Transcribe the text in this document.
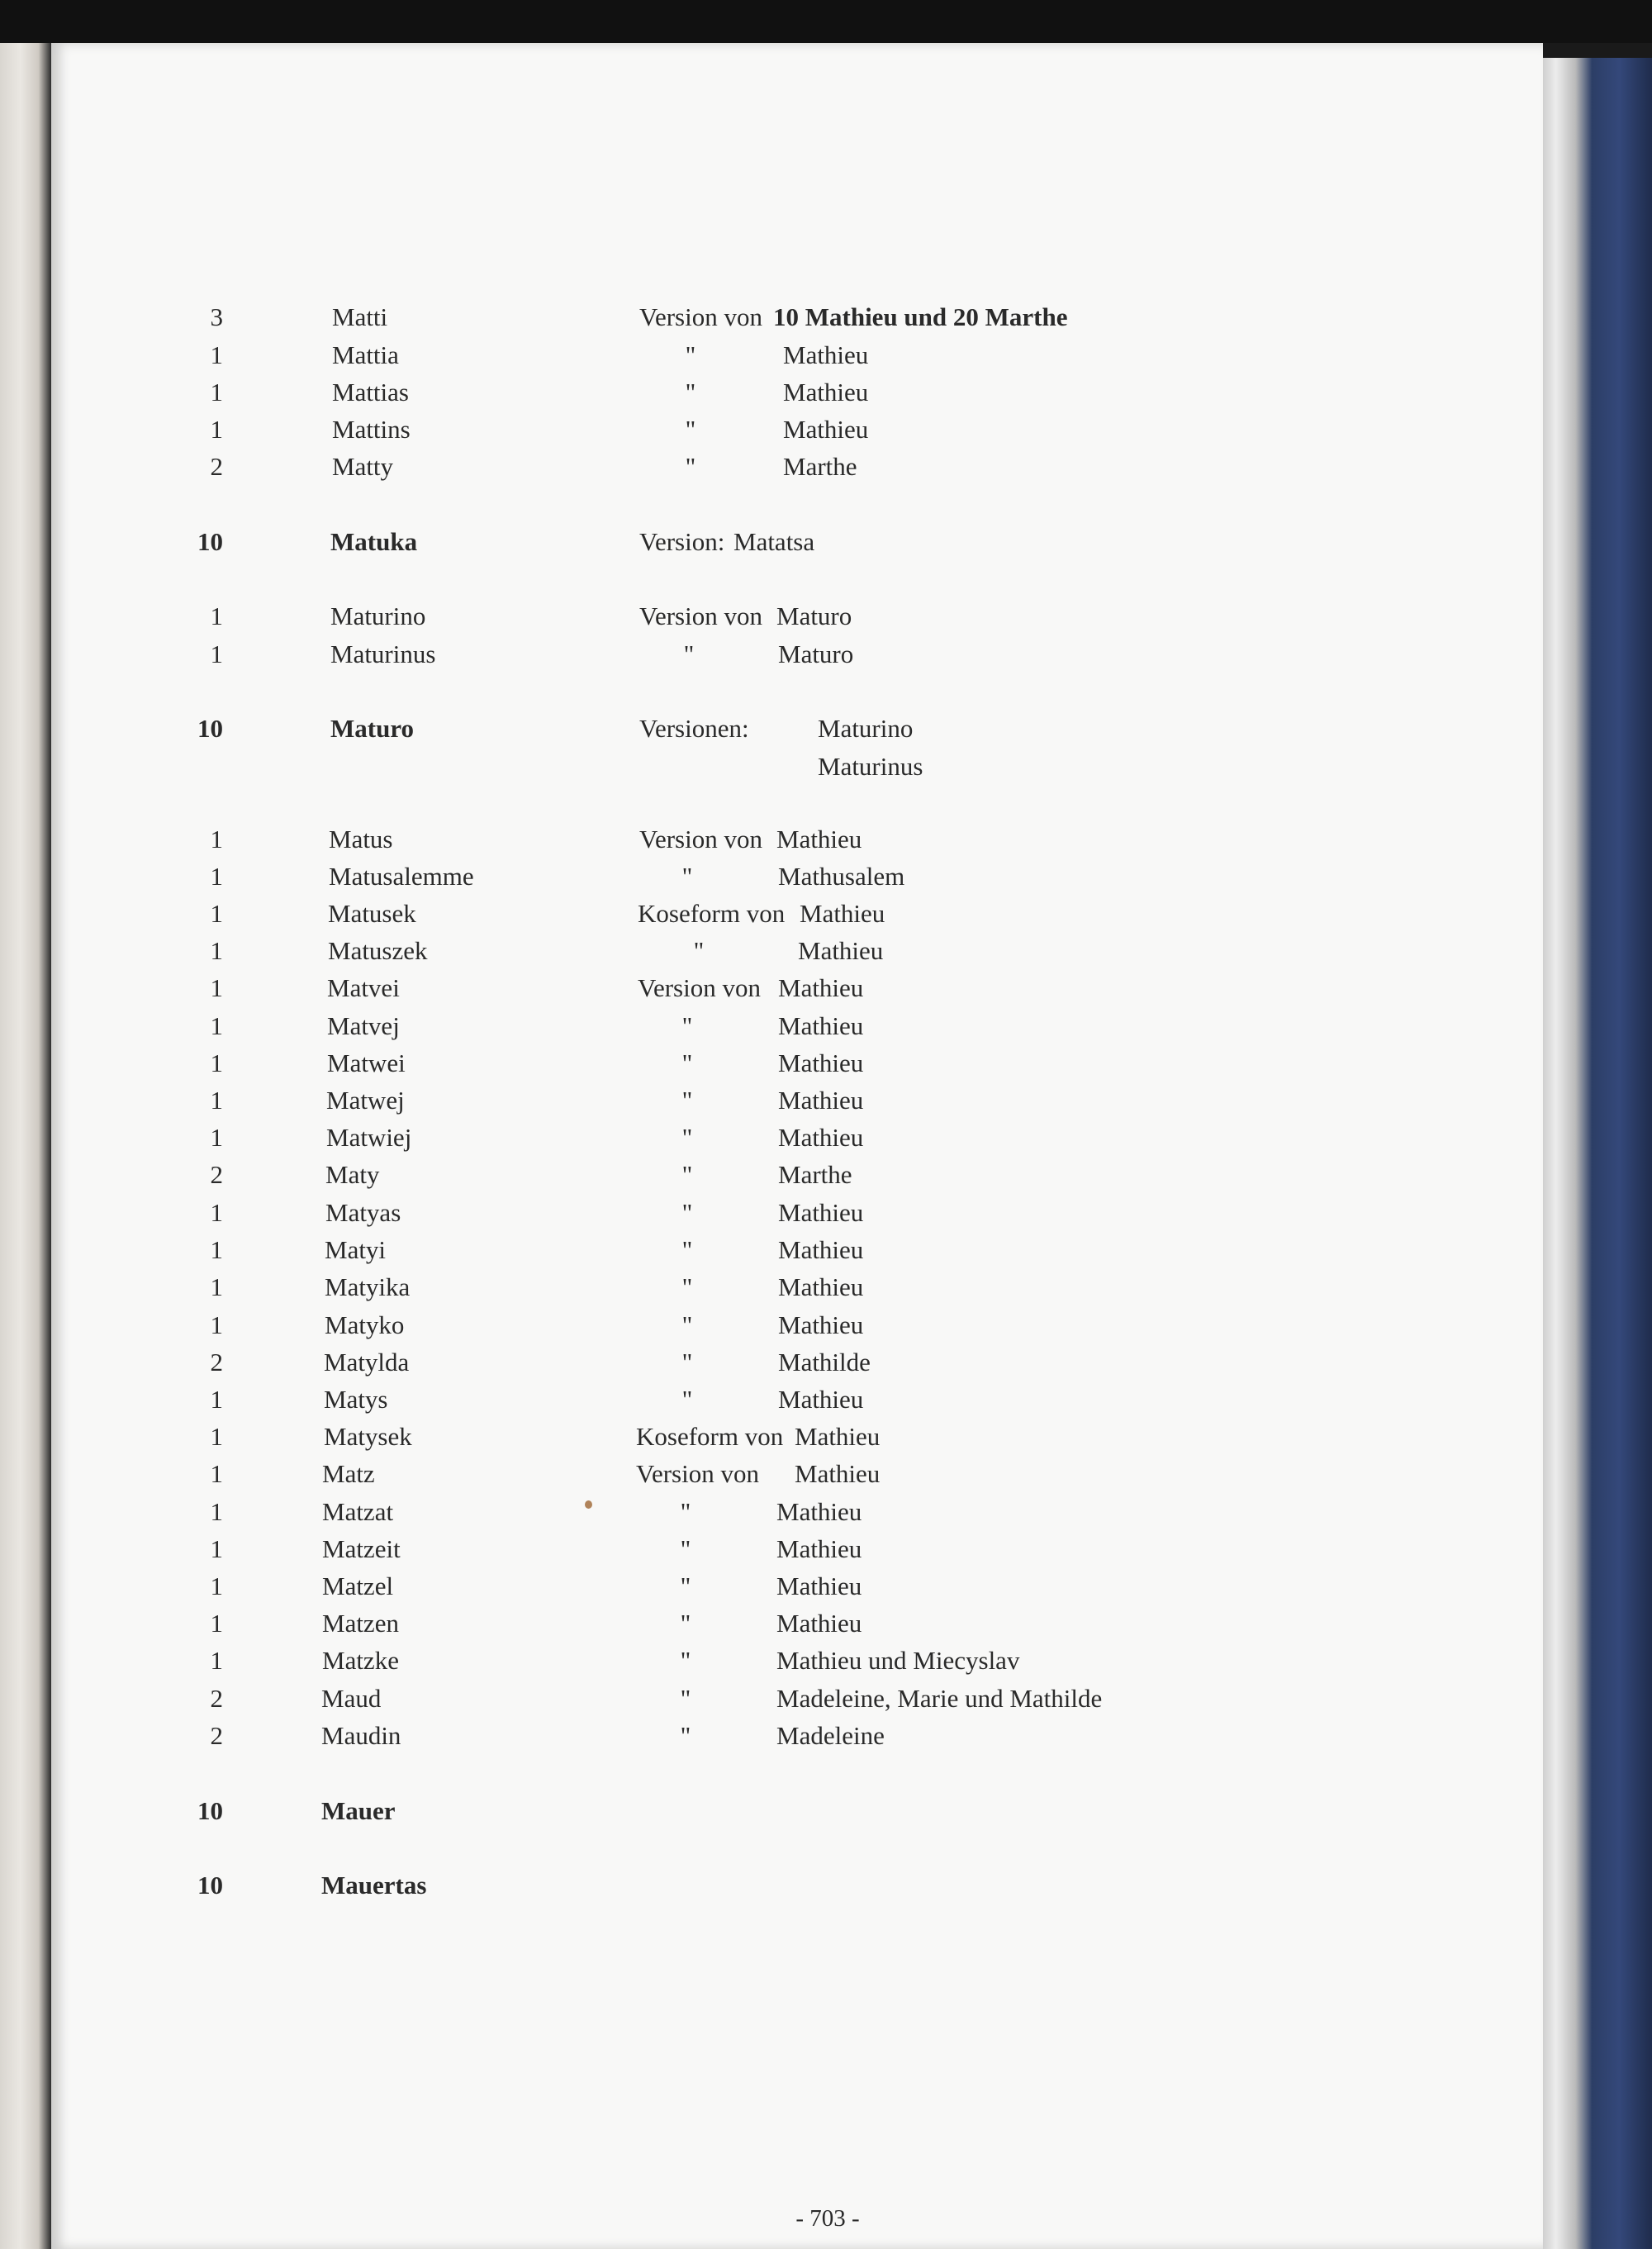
3	Matti	Version von 10 Mathieu und 20 Marthe
1	Mattia	"	Mathieu
1	Mattias	"	Mathieu
1	Mattins	"	Mathieu
2	Matty	"	Marthe
10	Matuka	Version: Matatsa
1	Maturino	Version von Maturo
1	Maturinus	"	Maturo
10	Maturo	Versionen:	Maturino
Maturinus
1	Matus	Version von Mathieu
1	Matusalemme	"	Mathusalem
1	Matusek	Koseform von Mathieu
1	Matuszek	"	Mathieu
1	Matvei	Version von Mathieu
1	Matvej	"	Mathieu
1	Matwei	"	Mathieu
1	Matwej	"	Mathieu
1	Matwiej	"	Mathieu
2	Maty	"	Marthe
1	Matyas	"	Mathieu
1	Matyi	"	Mathieu
1	Matyika	"	Mathieu
1	Matyko	"	Mathieu
2	Matylda	"	Mathilde
1	Matys	"	Mathieu
1	Matysek	Koseform von Mathieu
1	Matz	Version von Mathieu
1	Matzat	"	Mathieu
1	Matzeit	"	Mathieu
1	Matzel	"	Mathieu
1	Matzen	"	Mathieu
1	Matzke	"	Mathieu und Miecyslav
2	Maud	"	Madeleine, Marie und Mathilde
2	Maudin	"	Madeleine
10	Mauer
10	Mauertas
- 703 -
